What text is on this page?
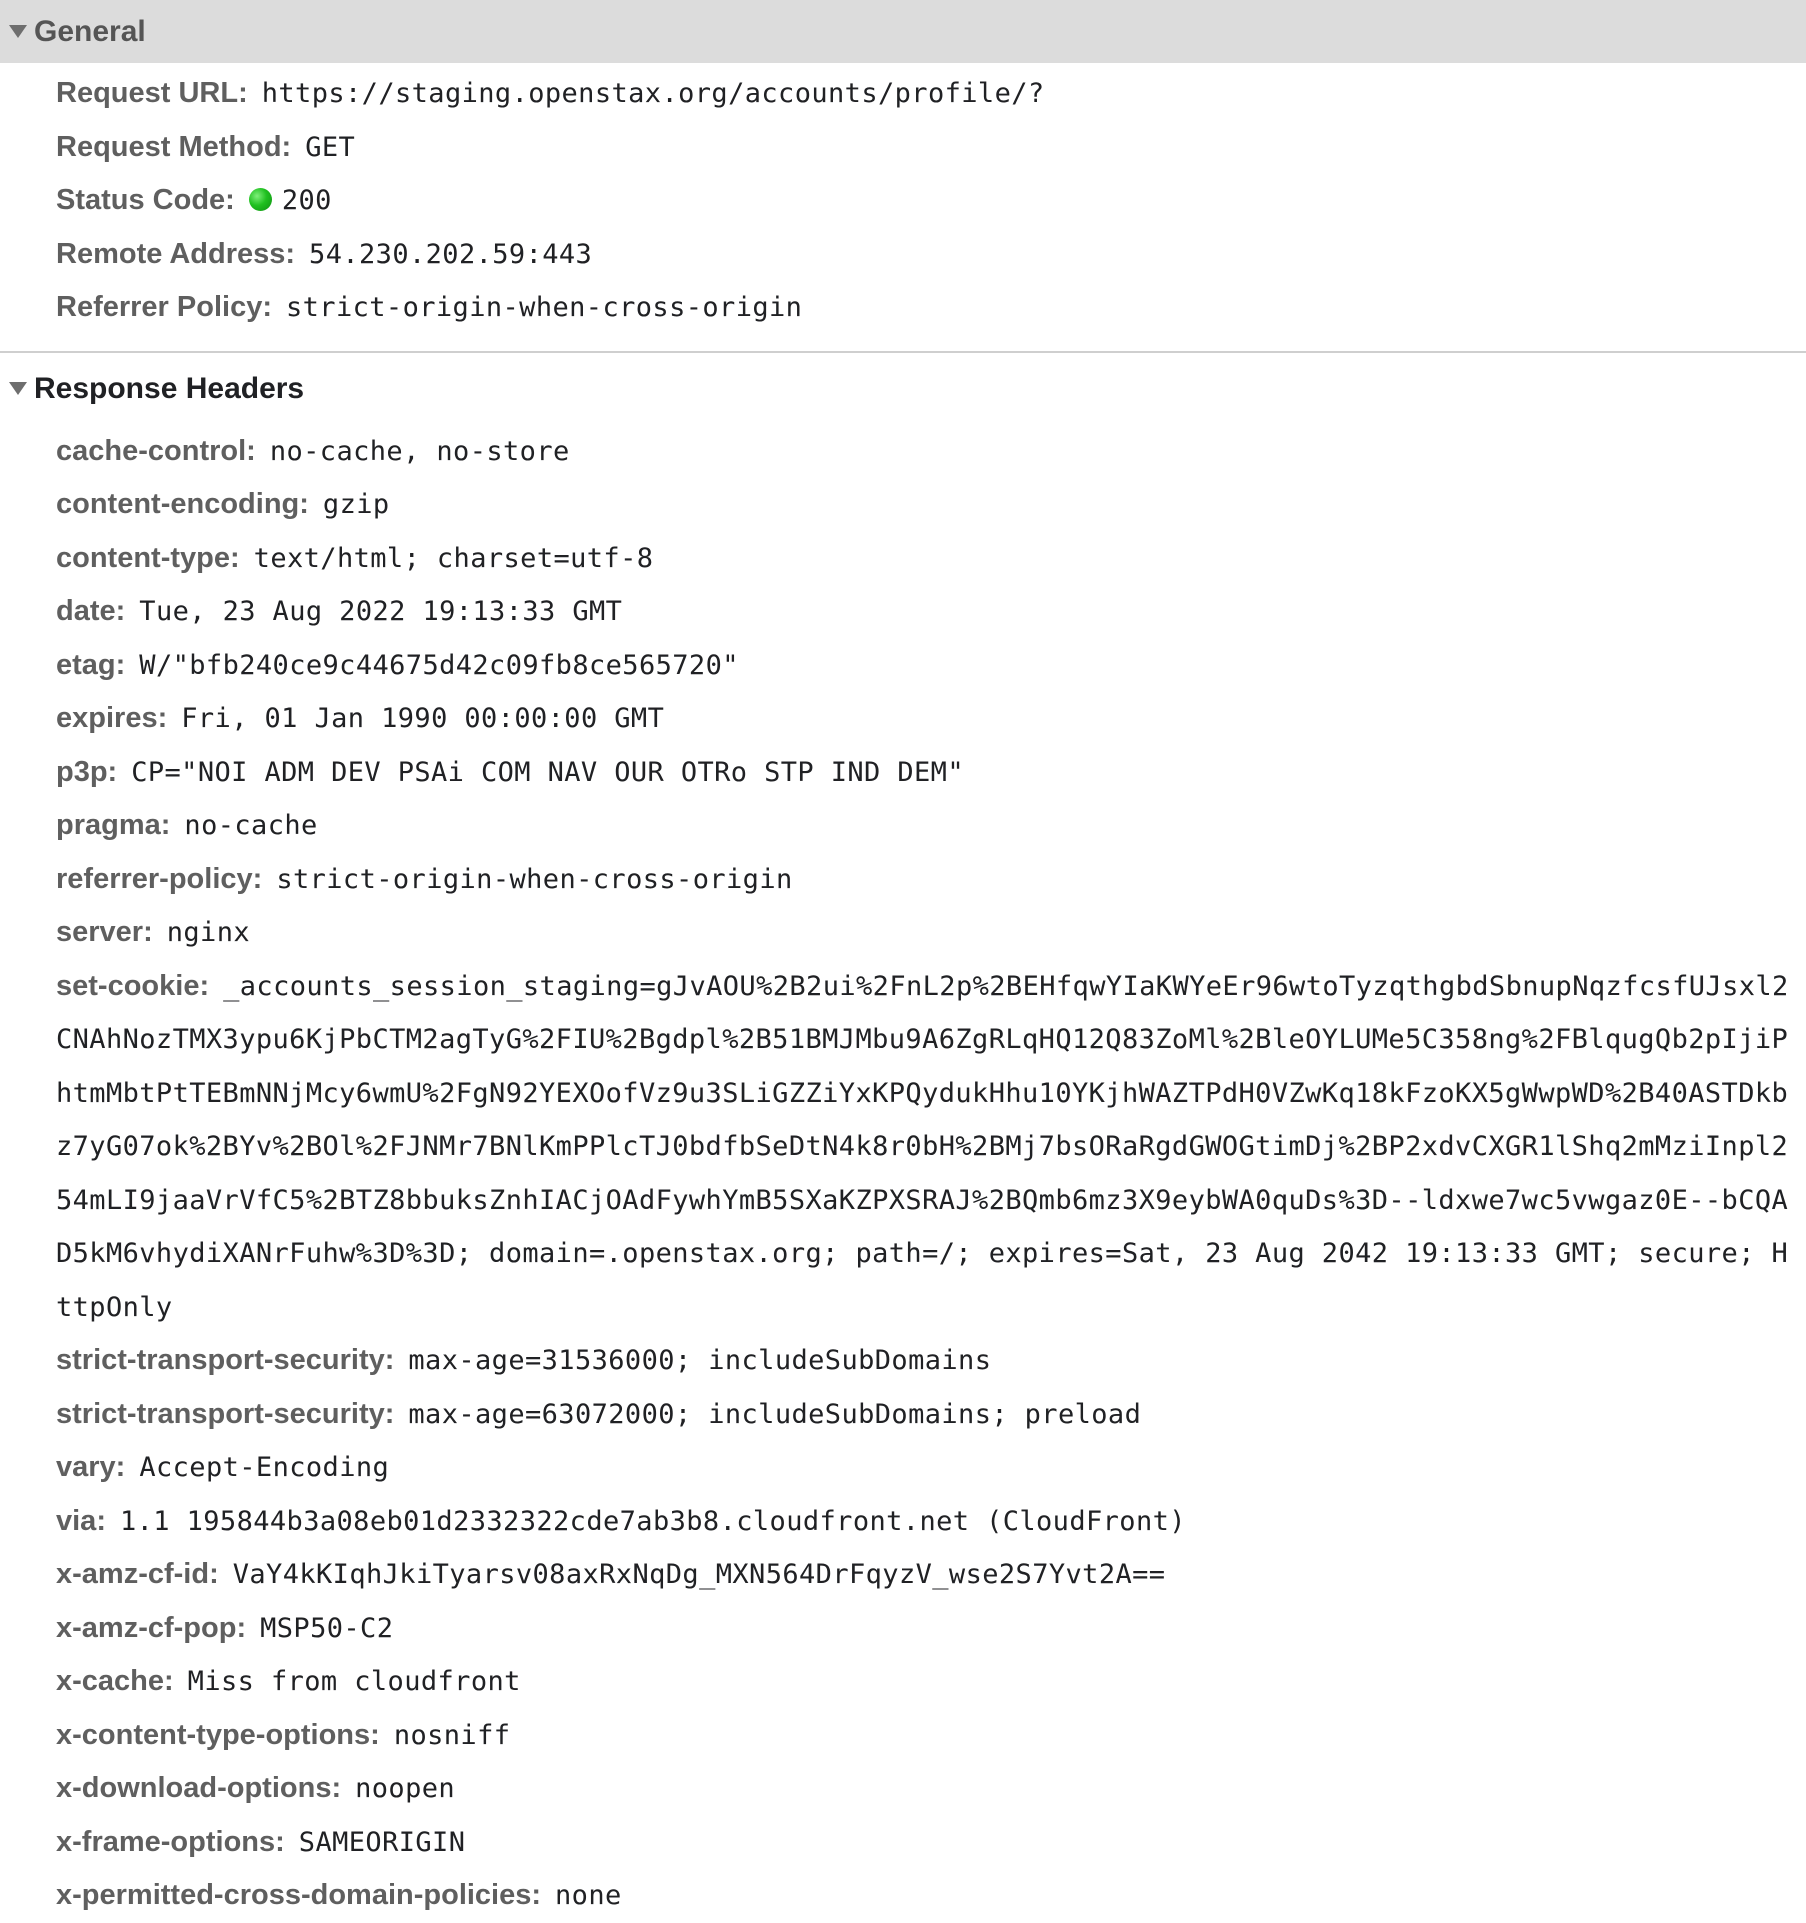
General
Request URL: https://staging.openstax.org/accounts/profile/?
Request Method: GET
Status Code: 200
Remote Address: 54.230.202.59:443
Referrer Policy: strict-origin-when-cross-origin
Response Headers
cache-control: no-cache, no-store
content-encoding: gzip
content-type: text/html; charset=utf-8
date: Tue, 23 Aug 2022 19:13:33 GMT
etag: W/"bfb240ce9c44675d42c09fb8ce565720"
expires: Fri, 01 Jan 1990 00:00:00 GMT
p3p: CP="NOI ADM DEV PSAi COM NAV OUR OTRo STP IND DEM"
pragma: no-cache
referrer-policy: strict-origin-when-cross-origin
server: nginx
set-cookie: _accounts_session_staging=gJvAOU%2B2ui%2FnL2p%2BEHfqwYIaKWYeEr96wtoTyzqthgbdSbnupNqzfcsfUJsxl2CNAhNozTMX3ypu6KjPbCTM2agTyG%2FIU%2Bgdpl%2B51BMJMbu9A6ZgRLqHQ12Q83ZoMl%2BleOYLUMe5C358ng%2FBlqugQb2pIjiPhtmMbtPtTEBmNNjMcy6wmU%2FgN92YEXOofVz9u3SLiGZZiYxKPQydukHhu10YKjhWAZTPdH0VZwKq18kFzoKX5gWwpWD%2B40ASTDkbz7yG07ok%2BYv%2BOl%2FJNMr7BNlKmPPlcTJ0bdfbSeDtN4k8r0bH%2BMj7bsORaRgdGWOGtimDj%2BP2xdvCXGR1lShq2mMziInpl254mLI9jaaVrVfC5%2BTZ8bbuksZnhIACjOAdFywhYmB5SXaKZPXSRAJ%2BQmb6mz3X9eybWA0quDs%3D--ldxwe7wc5vwgaz0E--bCQAD5kM6vhydiXANrFuhw%3D%3D; domain=.openstax.org; path=/; expires=Sat, 23 Aug 2042 19:13:33 GMT; secure; HttpOnly
strict-transport-security: max-age=31536000; includeSubDomains
strict-transport-security: max-age=63072000; includeSubDomains; preload
vary: Accept-Encoding
via: 1.1 195844b3a08eb01d2332322cde7ab3b8.cloudfront.net (CloudFront)
x-amz-cf-id: VaY4kKIqhJkiTyarsv08axRxNqDg_MXN564DrFqyzV_wse2S7Yvt2A==
x-amz-cf-pop: MSP50-C2
x-cache: Miss from cloudfront
x-content-type-options: nosniff
x-download-options: noopen
x-frame-options: SAMEORIGIN
x-permitted-cross-domain-policies: none
